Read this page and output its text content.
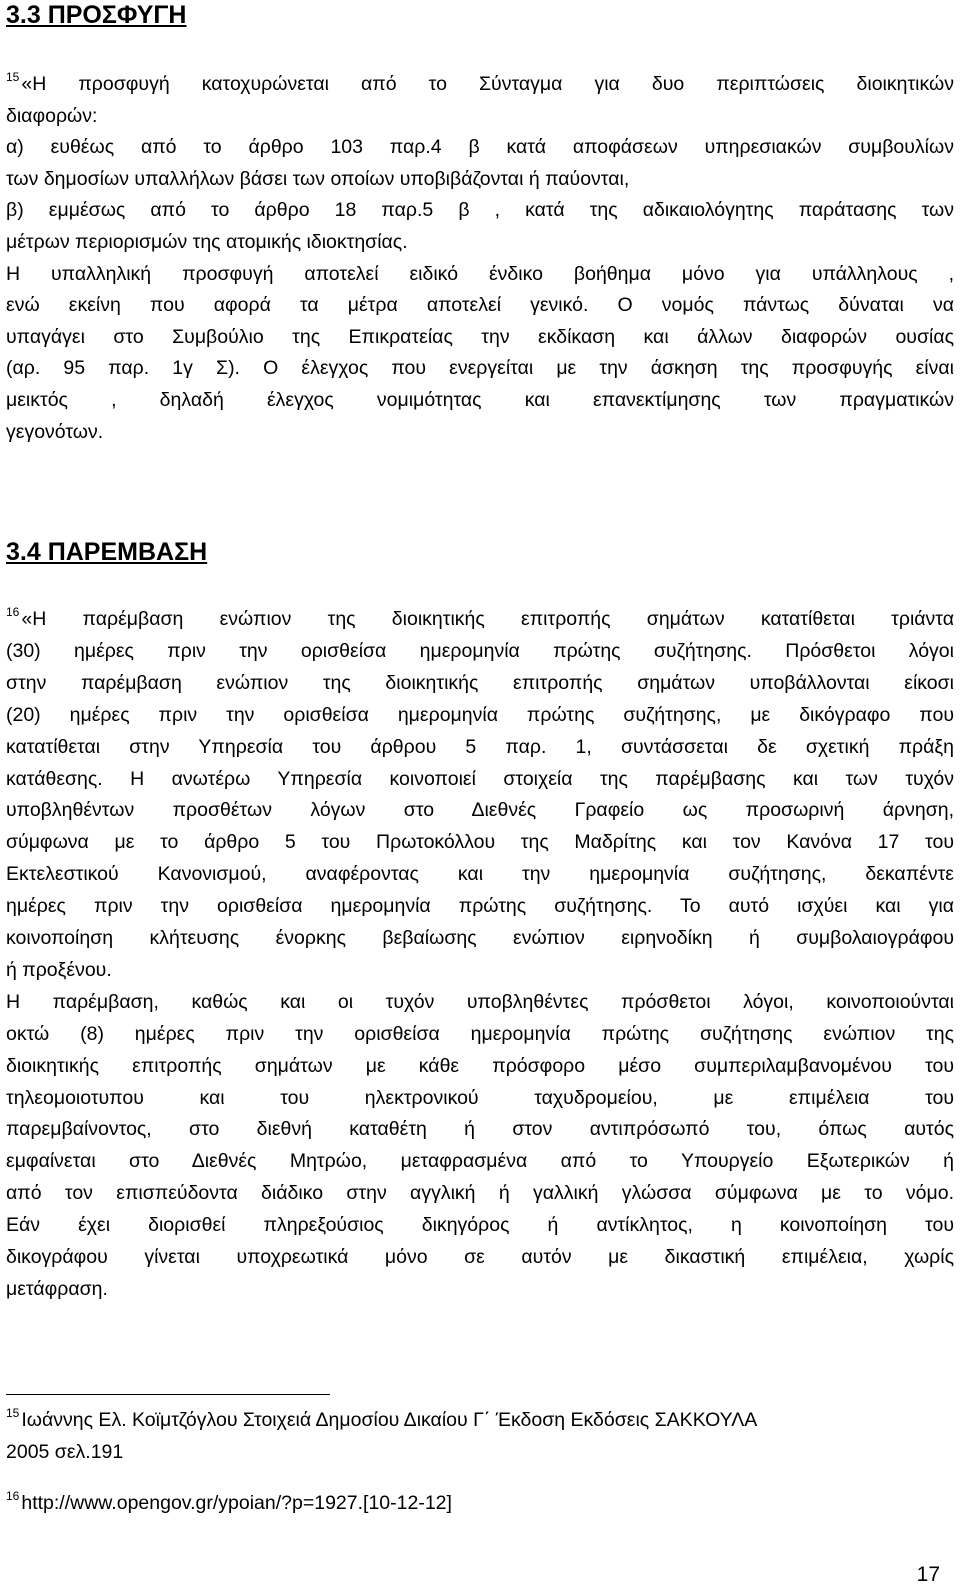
3.3 ΠΡΟΣΦΥΓΗ
$^{15}$ «Η προσφυγή κατοχυρώνεται από το Σύνταγμα για δυο περιπτώσεις διοικητικών
διαφορών:
α) ευθέως από το άρθρο 103 παρ.4 β κατά αποφάσεων υπηρεσιακών συμβουλίων
των δημοσίων υπαλλήλων βάσει των οποίων υποβιβάζονται ή παύονται,
β) εμμέσως από το άρθρο 18 παρ.5 β , κατά της αδικαιολόγητης παράτασης των
μέτρων περιορισμών της ατομικής ιδιοκτησίας.
Η υπαλληλική προσφυγή αποτελεί ειδικό ένδικο βοήθημα μόνο για υπάλληλους ,
ενώ εκείνη που αφορά τα μέτρα αποτελεί γενικό. Ο νομός πάντως δύναται να
υπαγάγει στο Συμβούλιο της Επικρατείας την εκδίκαση και άλλων διαφορών ουσίας
(αρ. 95 παρ. 1γ Σ). Ο έλεγχος που ενεργείται με την άσκηση της προσφυγής είναι
μεικτός , δηλαδή έλεγχος νομιμότητας και επανεκτίμησης των πραγματικών
γεγονότων.
3.4 ΠΑΡΕΜΒΑΣΗ
$^{16}$ «Η παρέμβαση ενώπιον της διοικητικής επιτροπής σημάτων κατατίθεται τριάντα
(30) ημέρες πριν την ορισθείσα ημερομηνία πρώτης συζήτησης. Πρόσθετοι λόγοι
στην παρέμβαση ενώπιον της διοικητικής επιτροπής σημάτων υποβάλλονται είκοσι
(20) ημέρες πριν την ορισθείσα ημερομηνία πρώτης συζήτησης, με δικόγραφο που
κατατίθεται στην Υπηρεσία του άρθρου 5 παρ. 1, συντάσσεται δε σχετική πράξη
κατάθεσης. Η ανωτέρω Υπηρεσία κοινοποιεί στοιχεία της παρέμβασης και των τυχόν
υποβληθέντων προσθέτων λόγων στο Διεθνές Γραφείο ως προσωρινή άρνηση,
σύμφωνα με το άρθρο 5 του Πρωτοκόλλου της Μαδρίτης και τον Κανόνα 17 του
Εκτελεστικού Κανονισμού, αναφέροντας και την ημερομηνία συζήτησης, δεκαπέντε
ημέρες πριν την ορισθείσα ημερομηνία πρώτης συζήτησης. Το αυτό ισχύει και για
κοινοποίηση κλήτευσης ένορκης βεβαίωσης ενώπιον ειρηνοδίκη ή συμβολαιογράφου
ή προξένου.
Η παρέμβαση, καθώς και οι τυχόν υποβληθέντες πρόσθετοι λόγοι, κοινοποιούνται
οκτώ (8) ημέρες πριν την ορισθείσα ημερομηνία πρώτης συζήτησης ενώπιον της
διοικητικής επιτροπής σημάτων με κάθε πρόσφορο μέσο συμπεριλαμβανομένου του
τηλεομοιοτυπου και του ηλεκτρονικού ταχυδρομείου, με επιμέλεια του
παρεμβαίνοντος, στο διεθνή καταθέτη ή στον αντιπρόσωπό του, όπως αυτός
εμφαίνεται στο Διεθνές Μητρώο, μεταφρασμένα από το Υπουργείο Εξωτερικών ή
από τον επισπεύδοντα διάδικο στην αγγλική ή γαλλική γλώσσα σύμφωνα με το νόμο.
Εάν έχει διορισθεί πληρεξούσιος δικηγόρος ή αντίκλητος, η κοινοποίηση του
δικογράφου γίνεται υποχρεωτικά μόνο σε αυτόν με δικαστική επιμέλεια, χωρίς
μετάφραση.
$^{15}$ Ιωάννης Ελ. Κοϊμτζόγλου Στοιχειά Δημοσίου Δικαίου Γ΄ Έκδοση Εκδόσεις ΣΑΚΚΟΥΛΑ
2005 σελ.191
$^{16}$ http://www.opengov.gr/ypoian/?p=1927.[10-12-12]
17
